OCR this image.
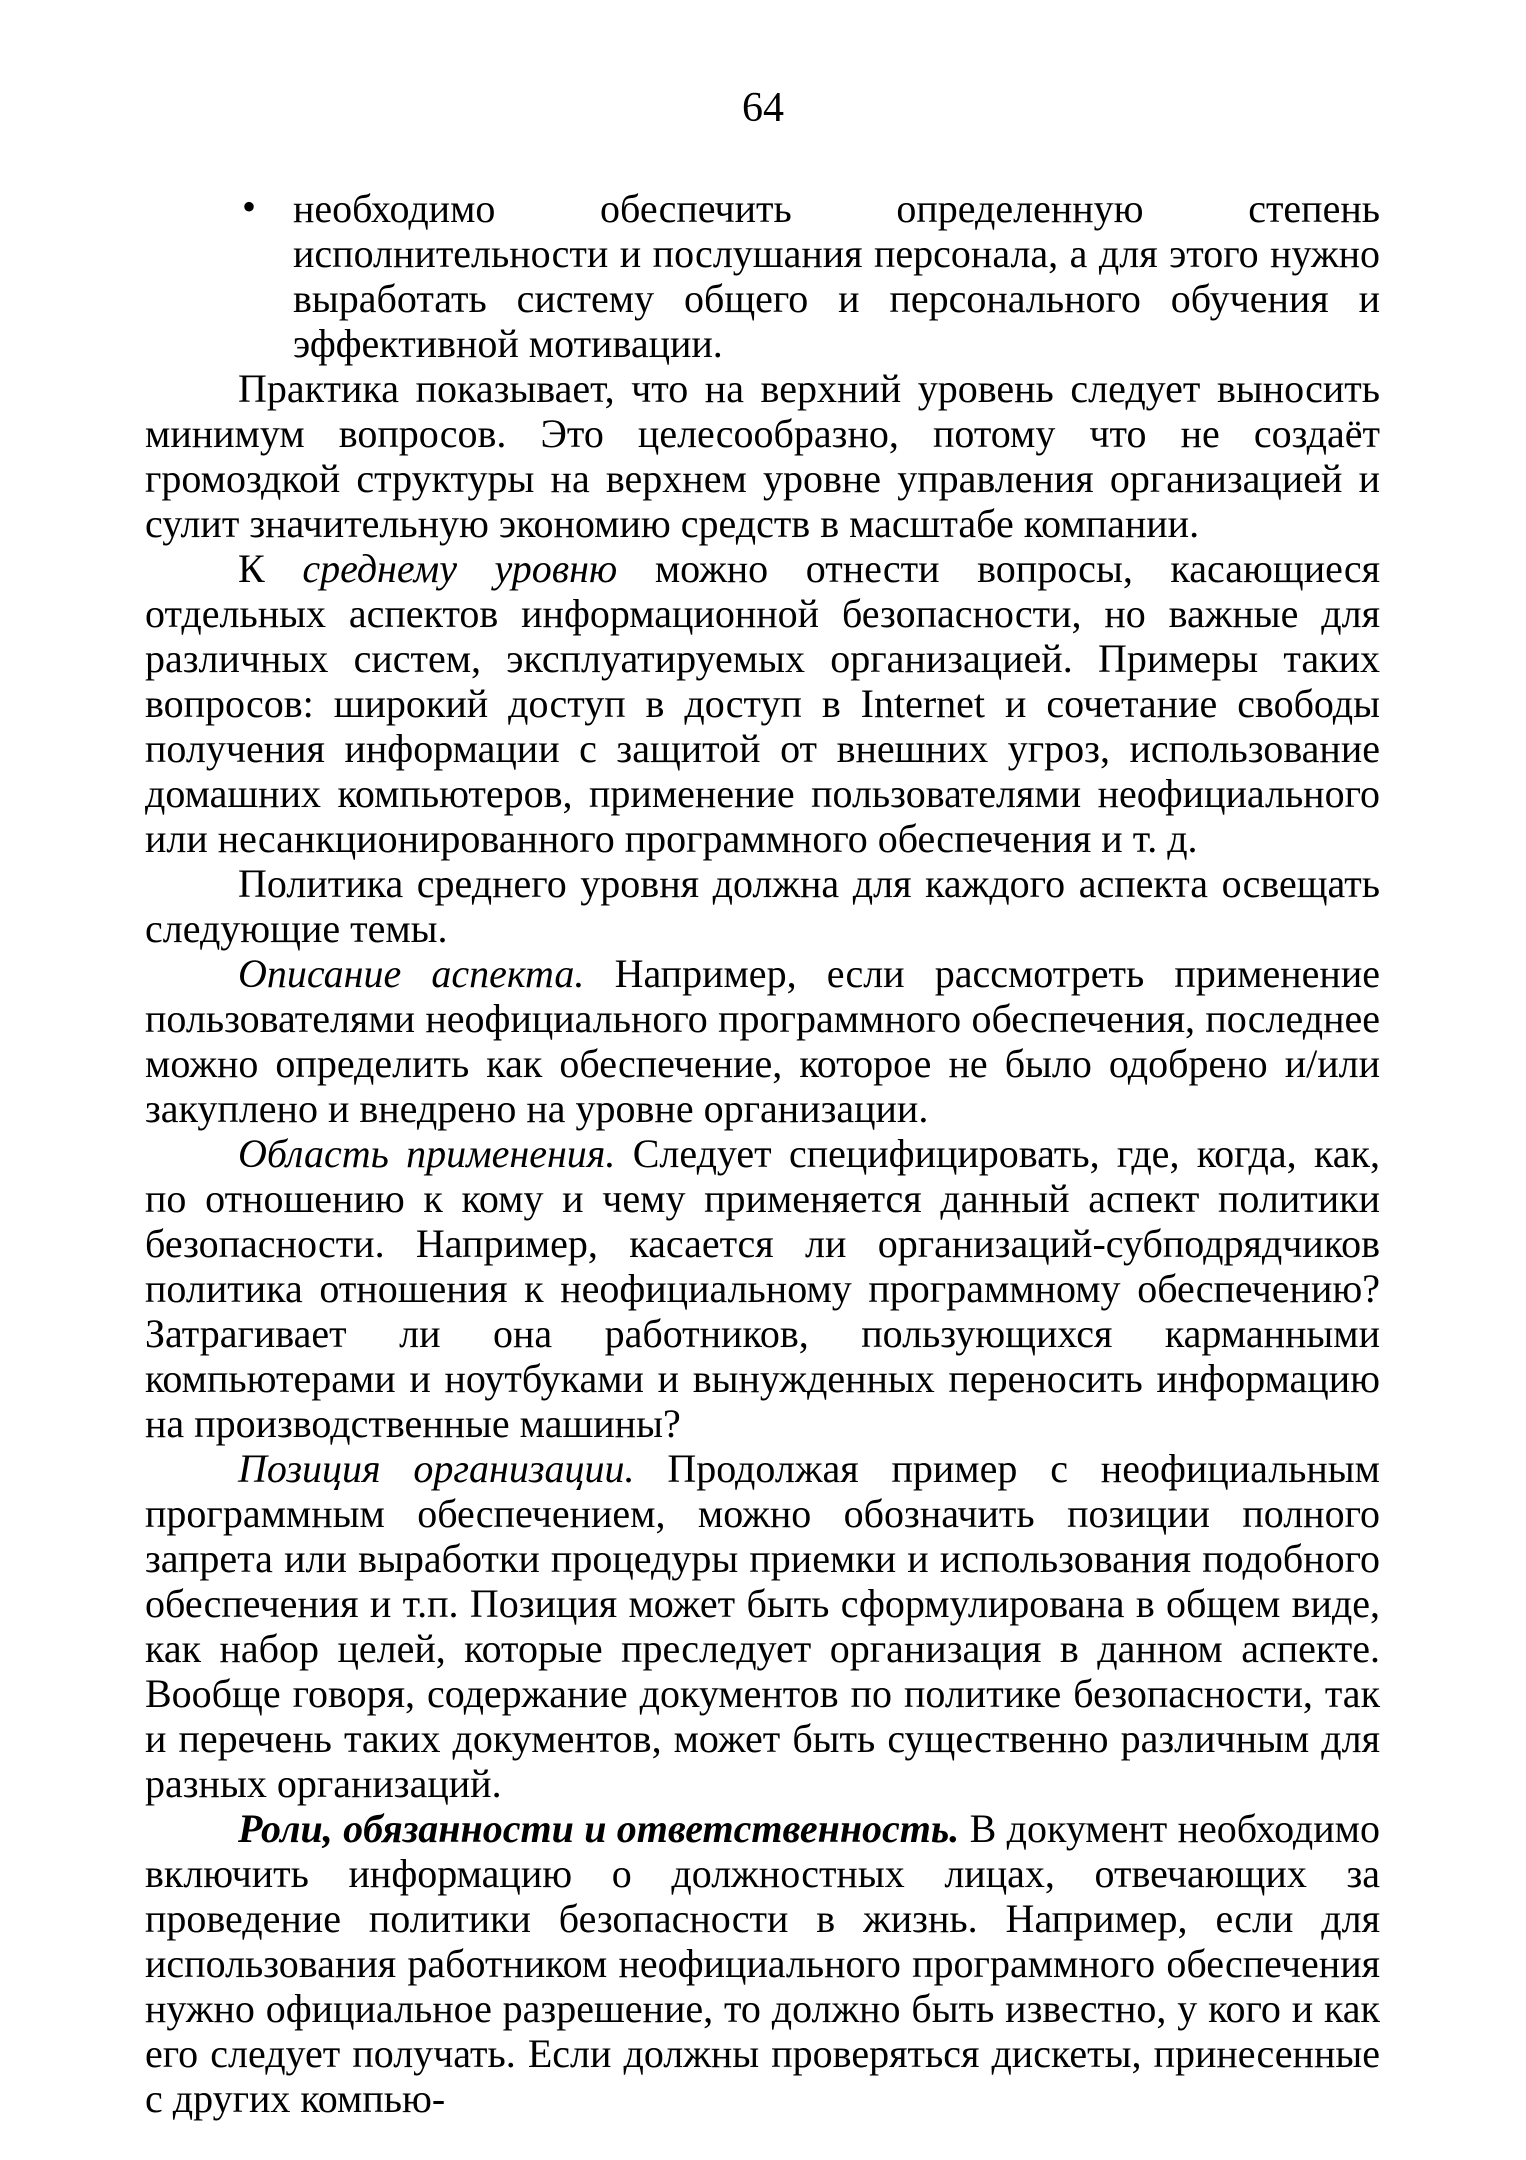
64
• необходимо обеспечить определенную степень исполнительности и послушания персонала, а для этого нужно выработать систему общего и персонального обучения и эффективной мотивации.

Практика показывает, что на верхний уровень следует выносить минимум вопросов. Это целесообразно, потому что не создаёт громоздкой структуры на верхнем уровне управления организацией и сулит значительную экономию средств в масштабе компании.

К среднему уровню можно отнести вопросы, касающиеся отдельных аспектов информационной безопасности, но важные для различных систем, эксплуатируемых организацией. Примеры таких вопросов: широкий доступ в доступ в Internet и сочетание свободы получения информации с защитой от внешних угроз, использование домашних компьютеров, применение пользователями неофициального или несанкционированного программного обеспечения и т. д.

Политика среднего уровня должна для каждого аспекта освещать следующие темы.

Описание аспекта. Например, если рассмотреть применение пользователями неофициального программного обеспечения, последнее можно определить как обеспечение, которое не было одобрено и/или закуплено и внедрено на уровне организации.

Область применения. Следует специфицировать, где, когда, как, по отношению к кому и чему применяется данный аспект политики безопасности. Например, касается ли организаций-субподрядчиков политика отношения к неофициальному программному обеспечению? Затрагивает ли она работников, пользующихся карманными компьютерами и ноутбуками и вынужденных переносить информацию на производственные машины?

Позиция организации. Продолжая пример с неофициальным программным обеспечением, можно обозначить позиции полного запрета или выработки процедуры приемки и использования подобного обеспечения и т.п. Позиция может быть сформулирована в общем виде, как набор целей, которые преследует организация в данном аспекте. Вообще говоря, содержание документов по политике безопасности, так и перечень таких документов, может быть существенно различным для разных организаций.

Роли, обязанности и ответственность. В документ необходимо включить информацию о должностных лицах, отвечающих за проведение политики безопасности в жизнь. Например, если для использования работником неофициального программного обеспечения нужно официальное разрешение, то должно быть известно, у кого и как его следует получать. Если должны проверяться дискеты, принесенные с других компью-
